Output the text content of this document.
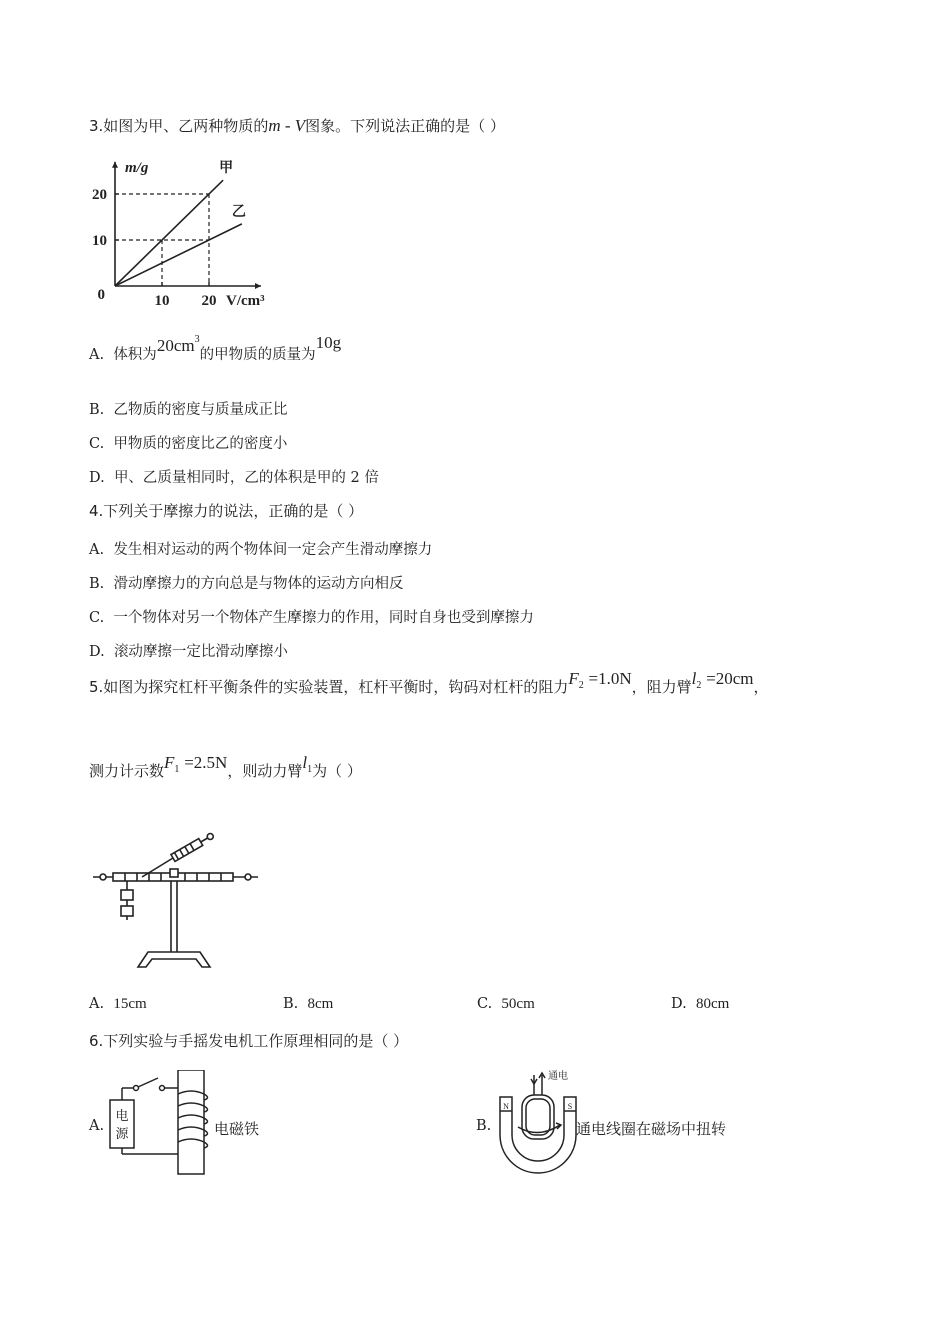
3.如图为甲、乙两种物质的m - V图象。下列说法正确的是（ ）
10
20
10 20
0
m/g
V/cm³
甲
乙
A. 体积为$20cm^3$的甲物质的质量为10g
B. 乙物质的密度与质量成正比
C. 甲物质的密度比乙的密度小
D. 甲、乙质量相同时，乙的体积是甲的 2 倍
4.下列关于摩擦力的说法，正确的是（ ）
A. 发生相对运动的两个物体间一定会产生滑动摩擦力
B. 滑动摩擦力的方向总是与物体的运动方向相反
C. 一个物体对另一个物体产生摩擦力的作用，同时自身也受到摩擦力
D. 滚动摩擦一定比滑动摩擦小
5.如图为探究杠杆平衡条件的实验装置，杠杆平衡时，钩码对杠杆的阻力$F_2 =1.0N$，阻力臂$l_2 =20cm$，
测力计示数$F_1 =2.5N$，则动力臂$l_1$为（ ）
A. 15cm	B. 8cm	C. 50cm	D. 80cm
6.下列实验与手摇发电机工作原理相同的是（ ）
A.
电
源	电磁铁	B.
通电
N	S
通电线圈在磁场中扭转
